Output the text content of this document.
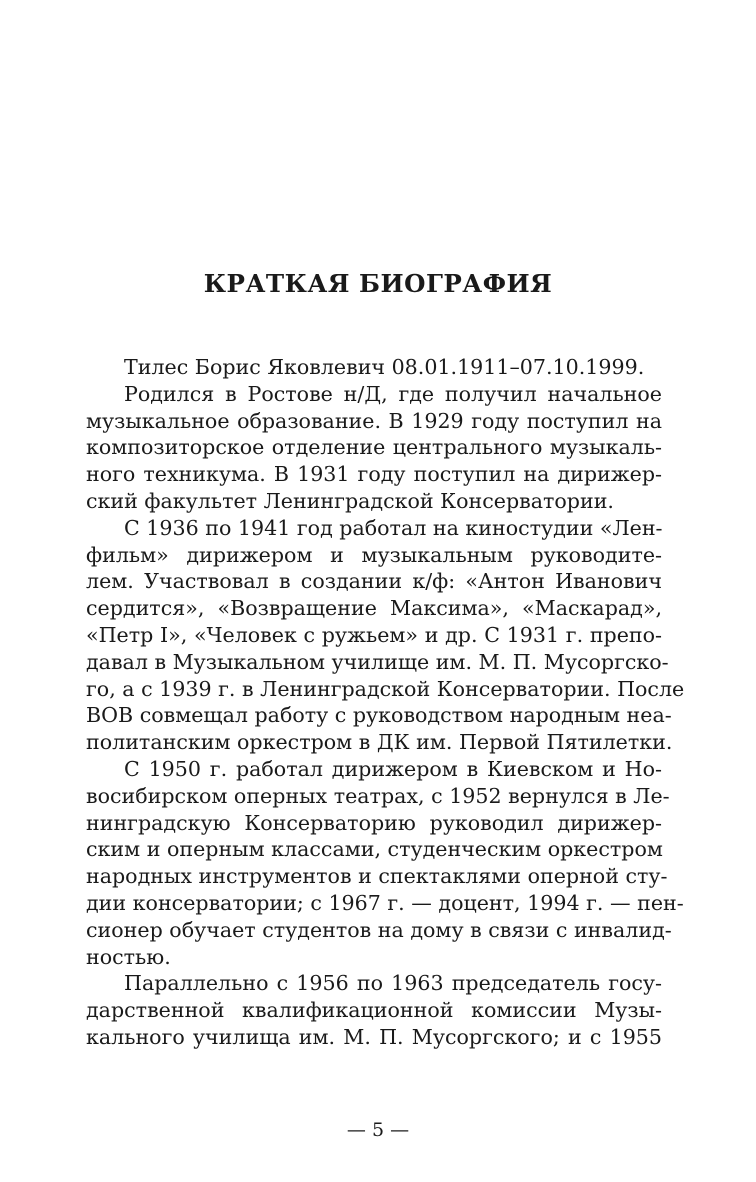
КРАТКАЯ БИОГРАФИЯ
Тилес Борис Яковлевич 08.01.1911–07.10.1999.
Родился в Ростове н/Д, где получил начальное
музыкальное образование. В 1929 году поступил на
композиторское отделение центрального музыкаль-
ного техникума. В 1931 году поступил на дирижер-
ский факультет Ленинградской Консерватории.
С 1936 по 1941 год работал на киностудии «Лен-
фильм» дирижером и музыкальным руководите-
лем. Участвовал в создании к/ф: «Антон Иванович
сердится», «Возвращение Максима», «Маскарад»,
«Петр I», «Человек с ружьем» и др. С 1931 г. препо-
давал в Музыкальном училище им. М. П. Мусоргско-
го, а с 1939 г. в Ленинградской Консерватории. После
ВОВ совмещал работу с руководством народным неа-
политанским оркестром в ДК им. Первой Пятилетки.
С 1950 г. работал дирижером в Киевском и Но-
восибирском оперных театрах, с 1952 вернулся в Ле-
нинградскую Консерваторию руководил дирижер-
ским и оперным классами, студенческим оркестром
народных инструментов и спектаклями оперной сту-
дии консерватории; с 1967 г. — доцент, 1994 г. — пен-
сионер обучает студентов на дому в связи с инвалид-
ностью.
Параллельно с 1956 по 1963 председатель госу-
дарственной квалификационной комиссии Музы-
кального училища им. М. П. Мусоргского; и с 1955
— 5 —
